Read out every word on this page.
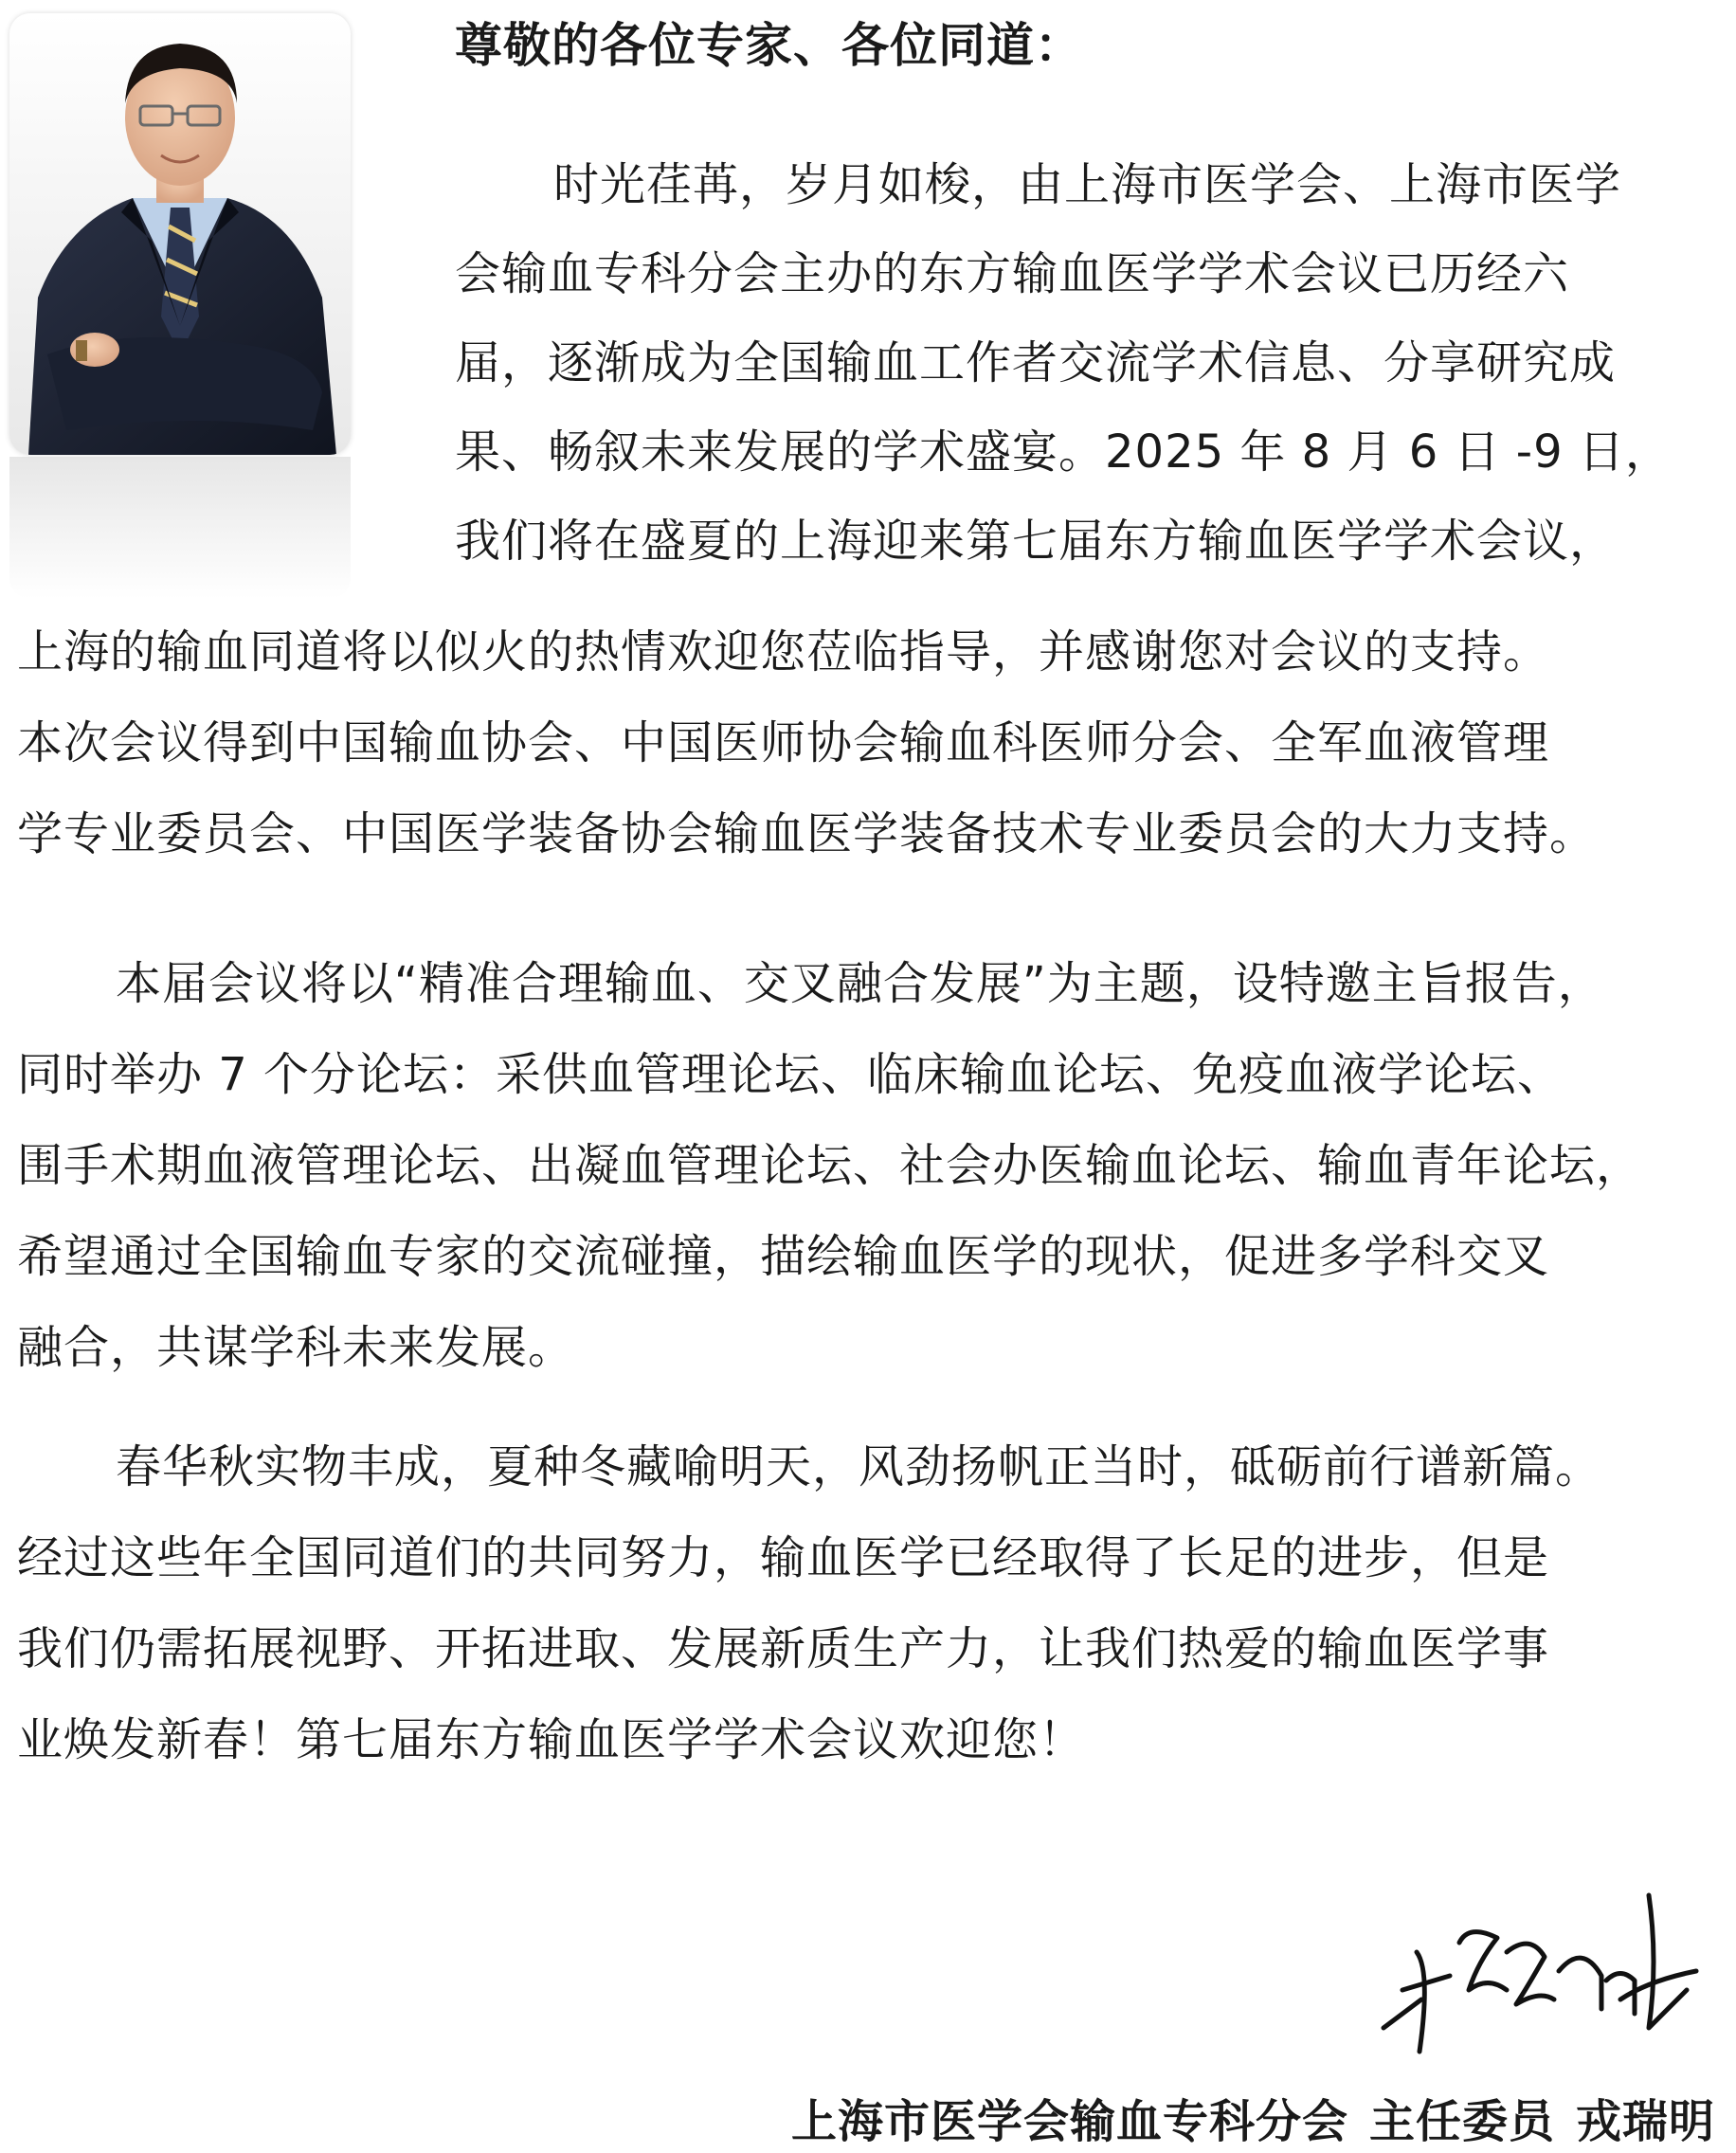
尊敬的各位专家、各位同道：

时光荏苒，岁月如梭，由上海市医学会、上海市医学
会输血专科分会主办的东方输血医学学术会议已历经六
届，逐渐成为全国输血工作者交流学术信息、分享研究成
果、畅叙未来发展的学术盛宴。2025 年 8 月 6 日 -9 日，
我们将在盛夏的上海迎来第七届东方输血医学学术会议，

上海的输血同道将以似火的热情欢迎您莅临指导，并感谢您对会议的支持。
本次会议得到中国输血协会、中国医师协会输血科医师分会、全军血液管理
学专业委员会、中国医学装备协会输血医学装备技术专业委员会的大力支持。

本届会议将以“精准合理输血、交叉融合发展”为主题，设特邀主旨报告，
同时举办 7 个分论坛：采供血管理论坛、临床输血论坛、免疫血液学论坛、
围手术期血液管理论坛、出凝血管理论坛、社会办医输血论坛、输血青年论坛，
希望通过全国输血专家的交流碰撞，描绘输血医学的现状，促进多学科交叉
融合，共谋学科未来发展。

春华秋实物丰成，夏种冬藏喻明天，风劲扬帆正当时，砥砺前行谱新篇。
经过这些年全国同道们的共同努力，输血医学已经取得了长足的进步，但是
我们仍需拓展视野、开拓进取、发展新质生产力，让我们热爱的输血医学事
业焕发新春！第七届东方输血医学学术会议欢迎您！

上海市医学会输血专科分会 主任委员 戎瑞明
